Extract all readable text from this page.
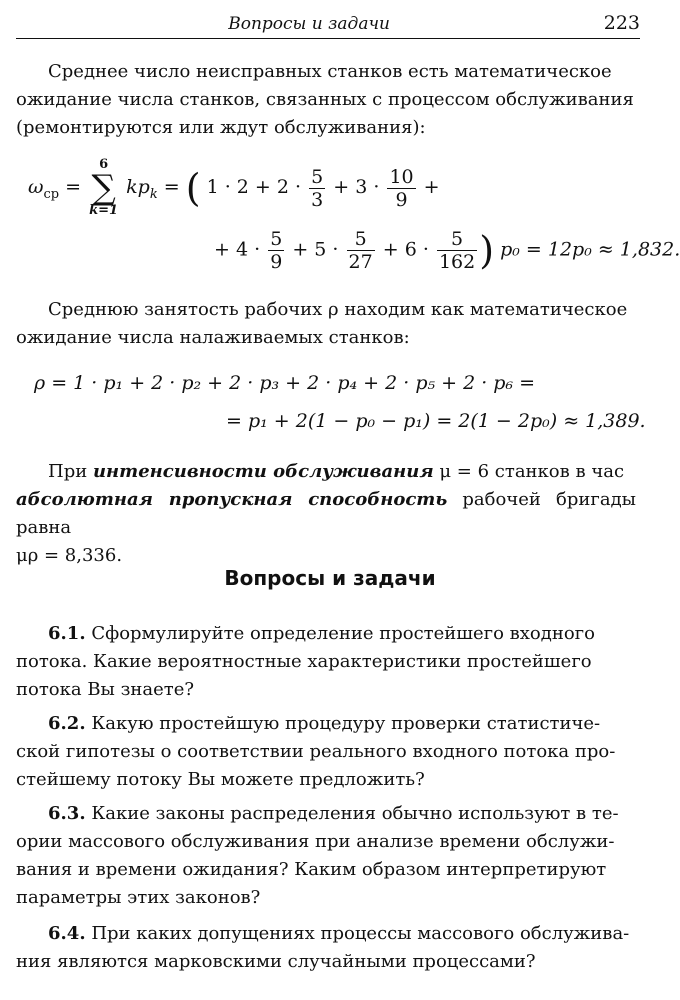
Вопросы и задачи	223

Среднее число неисправных станков есть математическое
ожидание числа станков, связанных с процессом обслуживания
(ремонтируются или ждут обслуживания):

$\omega_{ср}$ =
6
∑
k=1
$kp_k$ = ( $1 \cdot 2 + 2 \cdot \frac{5}{3} + 3 \cdot \frac{10}{9}$ +
+ $4 \cdot \frac{5}{9} + 5 \cdot \frac{5}{27} + 6 \cdot \frac{5}{162}$ ) p₀ = 12p₀ ≈ 1,832.

Среднюю занятость рабочих ρ находим как математическое
ожидание числа налаживаемых станков:

ρ = 1 · p₁ + 2 · p₂ + 2 · p₃ + 2 · p₄ + 2 · p₅ + 2 · p₆ =
= p₁ + 2(1 − p₀ − p₁) = 2(1 − 2p₀) ≈ 1,389.

При интенсивности обслуживания μ = 6 станков в час
абсолютная пропускная способность рабочей бригады равна
μρ = 8,336.

Вопросы и задачи

6.1. Сформулируйте определение простейшего входного
потока. Какие вероятностные характеристики простейшего
потока Вы знаете?

6.2. Какую простейшую процедуру проверки статистиче-
ской гипотезы о соответствии реального входного потока про-
стейшему потоку Вы можете предложить?

6.3. Какие законы распределения обычно используют в те-
ории массового обслуживания при анализе времени обслужи-
вания и времени ожидания? Каким образом интерпретируют
параметры этих законов?

6.4. При каких допущениях процессы массового обслужива-
ния являются марковскими случайными процессами?
